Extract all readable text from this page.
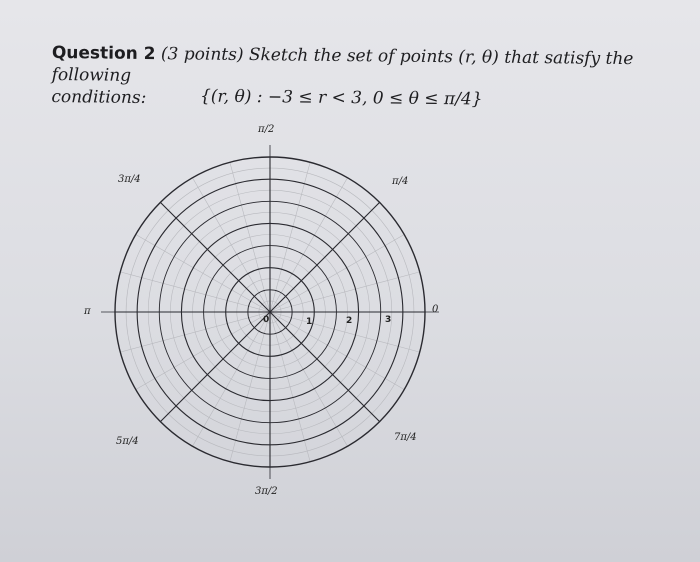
Question 2 (3 points) Sketch the set of points (r, θ) that satisfy the following
conditions:	{(r, θ) : −3 ≤ r < 3, 0 ≤ θ ≤ π/4}
0
π/4
π/2
3π/4
π
5π/4
3π/2
7π/4
0	1	2	3
